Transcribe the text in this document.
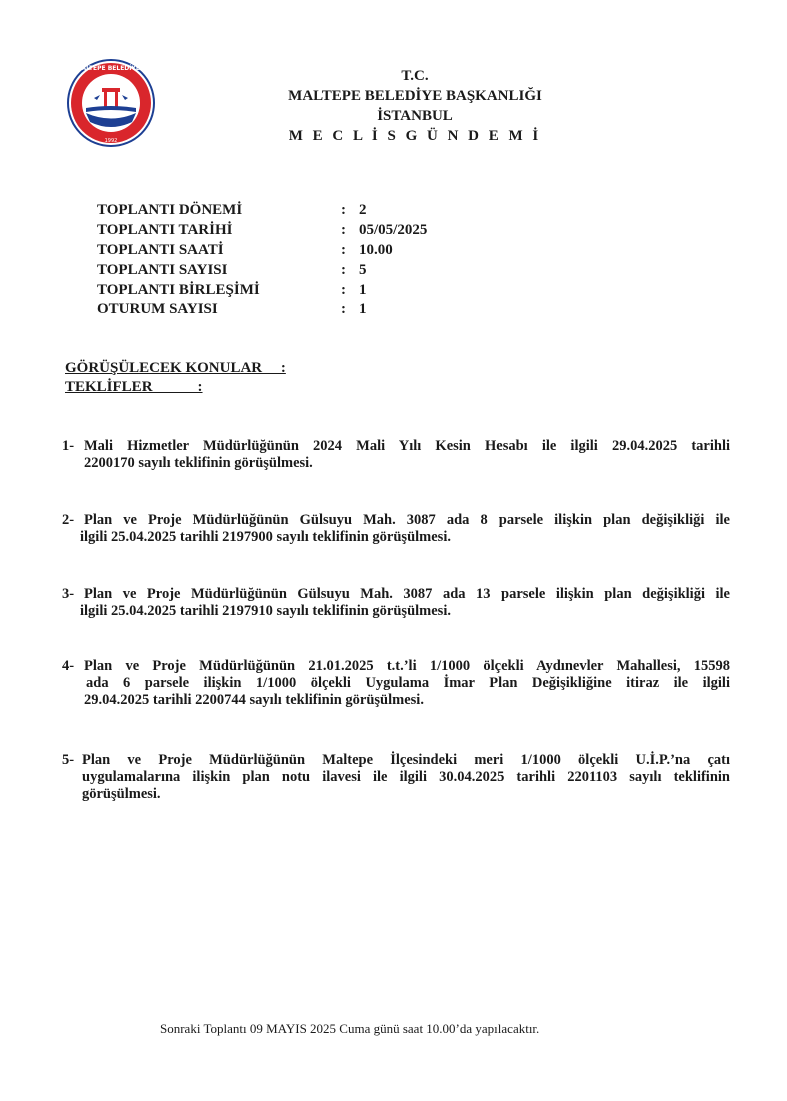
1992
MALTEPE BELEDİYESİ	T.C.
MALTEPE BELEDİYE BAŞKANLIĞI
İSTANBUL
M E C L İ S G Ü N D E M İ
TOPLANTI DÖNEMİ	: 2
TOPLANTI TARİHİ	: 05/05/2025
TOPLANTI SAATİ	: 10.00
TOPLANTI SAYISI	: 5
TOPLANTI BİRLEŞİMİ	: 1
OTURUM SAYISI	: 1
GÖRÜŞÜLECEK KONULAR     :
TEKLİFLER            :
1- Mali Hizmetler Müdürlüğünün 2024 Mali Yılı Kesin Hesabı ile ilgili 29.04.2025 tarihli
2200170 sayılı teklifinin görüşülmesi.
2- Plan ve Proje Müdürlüğünün Gülsuyu Mah. 3087 ada 8 parsele ilişkin plan değişikliği ile
ilgili 25.04.2025 tarihli 2197900 sayılı teklifinin görüşülmesi.
3- Plan ve Proje Müdürlüğünün Gülsuyu Mah. 3087 ada 13 parsele ilişkin plan değişikliği ile
ilgili 25.04.2025 tarihli 2197910 sayılı teklifinin görüşülmesi.
4- Plan ve Proje Müdürlüğünün 21.01.2025 t.t.’li 1/1000 ölçekli Aydınevler Mahallesi, 15598
ada 6 parsele ilişkin 1/1000 ölçekli Uygulama İmar Plan Değişikliğine itiraz ile ilgili
29.04.2025 tarihli 2200744 sayılı teklifinin görüşülmesi.
5- Plan ve Proje Müdürlüğünün Maltepe İlçesindeki meri 1/1000 ölçekli U.İ.P.’na çatı
uygulamalarına ilişkin plan notu ilavesi ile ilgili 30.04.2025 tarihli 2201103 sayılı teklifinin
görüşülmesi.
Sonraki Toplantı 09 MAYIS 2025 Cuma günü saat 10.00’da yapılacaktır.
